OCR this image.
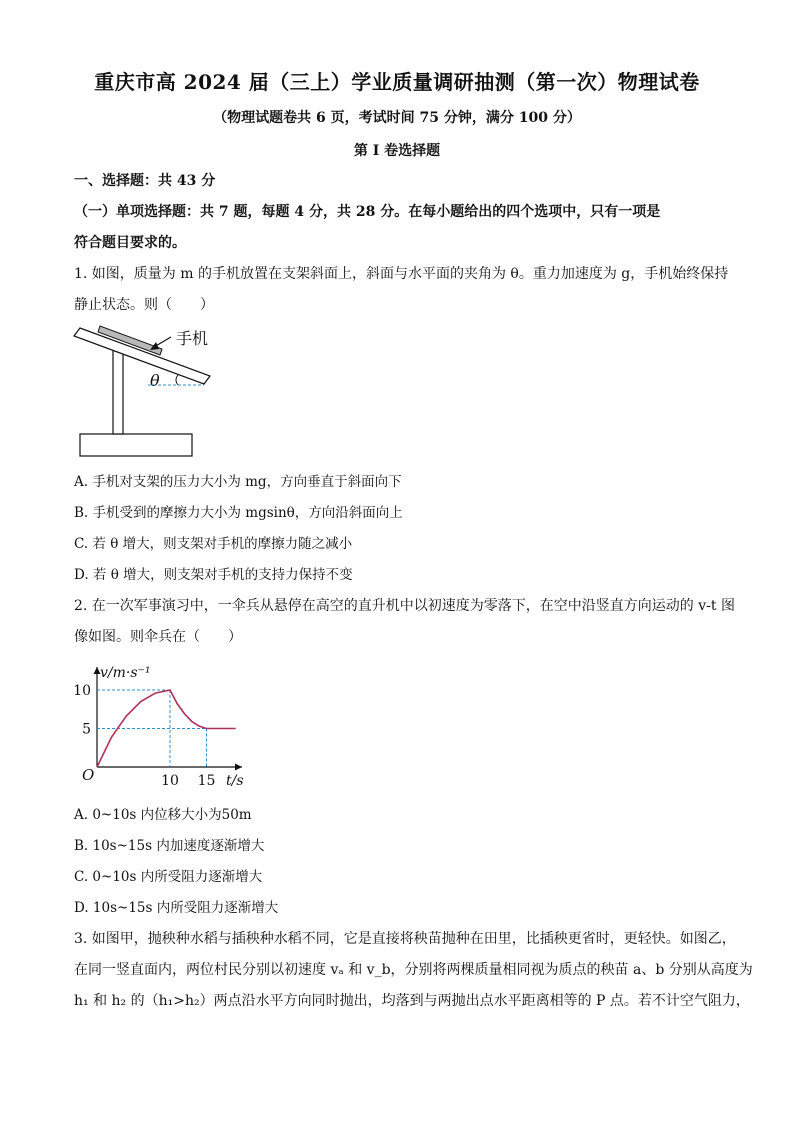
重庆市高 2024 届（三上）学业质量调研抽测（第一次）物理试卷
（物理试题卷共 6 页，考试时间 75 分钟，满分 100 分）
第 I 卷选择题
一、选择题：共 43 分
（一）单项选择题：共 7 题，每题 4 分，共 28 分。在每小题给出的四个选项中，只有一项是
符合题目要求的。
1. 如图，质量为 m 的手机放置在支架斜面上，斜面与水平面的夹角为 θ。重力加速度为 g，手机始终保持
静止状态。则（　　）
手机
θ
A. 手机对支架的压力大小为 mg，方向垂直于斜面向下
B. 手机受到的摩擦力大小为 mgsinθ，方向沿斜面向上
C. 若 θ 增大，则支架对手机的摩擦力随之减小
D. 若 θ 增大，则支架对手机的支持力保持不变
2. 在一次军事演习中，一伞兵从悬停在高空的直升机中以初速度为零落下，在空中沿竖直方向运动的 v-t 图
像如图。则伞兵在（　　）
v/m·s⁻¹
t/s
O
10
5
10 15
A. 0~10s 内位移大小为50m
B. 10s~15s 内加速度逐渐增大
C. 0~10s 内所受阻力逐渐增大
D. 10s~15s 内所受阻力逐渐增大
3. 如图甲，抛秧种水稻与插秧种水稻不同，它是直接将秧苗抛种在田里，比插秧更省时，更轻快。如图乙，
在同一竖直面内，两位村民分别以初速度 vₐ 和 v_b，分别将两棵质量相同视为质点的秧苗 a、b 分别从高度为
h₁ 和 h₂ 的（h₁>h₂）两点沿水平方向同时抛出，均落到与两抛出点水平距离相等的 P 点。若不计空气阻力，
